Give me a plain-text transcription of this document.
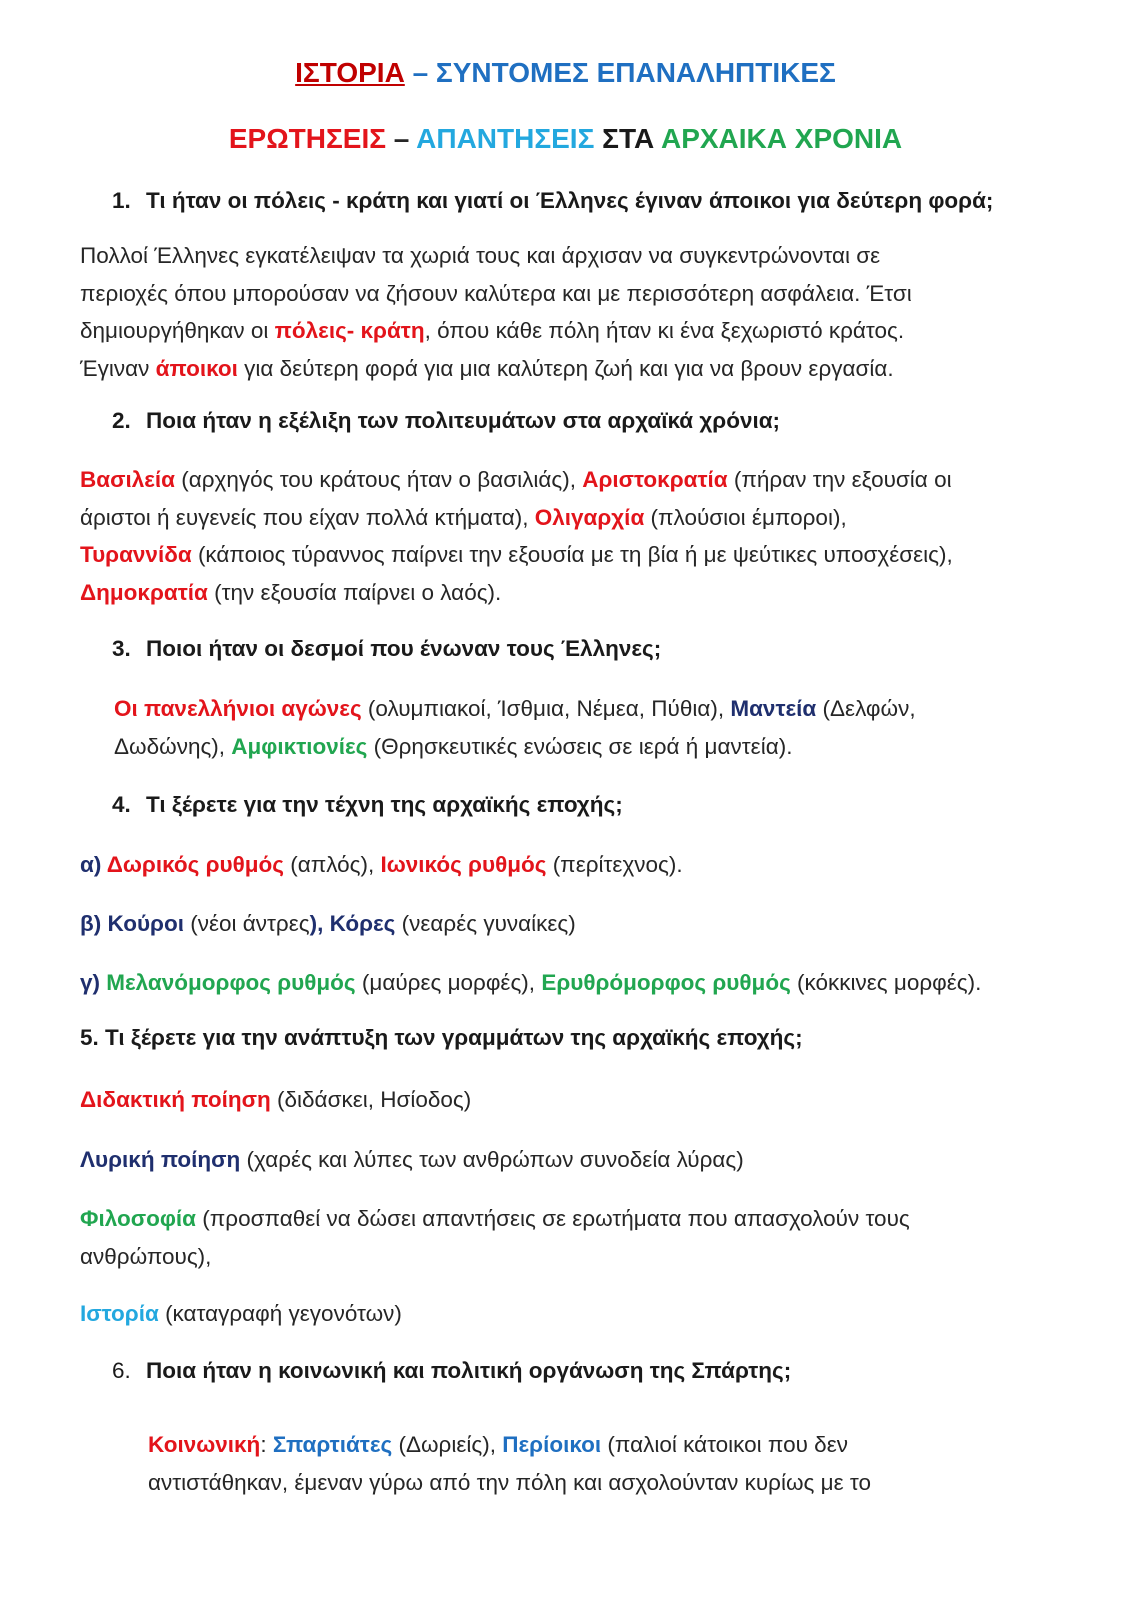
ΙΣΤΟΡΙΑ – ΣΥΝΤΟΜΕΣ ΕΠΑΝΑΛΗΠΤΙΚΕΣ
ΕΡΩΤΗΣΕΙΣ – ΑΠΑΝΤΗΣΕΙΣ ΣΤΑ ΑΡΧΑΙΚΑ ΧΡΟΝΙΑ
1. Τι ήταν οι πόλεις - κράτη και γιατί οι Έλληνες έγιναν άποικοι για δεύτερη φορά;
Πολλοί Έλληνες εγκατέλειψαν τα χωριά τους και άρχισαν να συγκεντρώνονται σε
περιοχές όπου μπορούσαν να ζήσουν καλύτερα και με περισσότερη ασφάλεια. Έτσι
δημιουργήθηκαν οι πόλεις- κράτη, όπου κάθε πόλη ήταν κι ένα ξεχωριστό κράτος.
Έγιναν άποικοι για δεύτερη φορά για μια καλύτερη ζωή και για να βρουν εργασία.
2. Ποια ήταν η εξέλιξη των πολιτευμάτων στα αρχαϊκά χρόνια;
Βασιλεία (αρχηγός του κράτους ήταν ο βασιλιάς), Αριστοκρατία (πήραν την εξουσία οι
άριστοι ή ευγενείς που είχαν πολλά κτήματα), Ολιγαρχία (πλούσιοι έμποροι),
Τυραννίδα (κάποιος τύραννος παίρνει την εξουσία με τη βία ή με ψεύτικες υποσχέσεις),
Δημοκρατία (την εξουσία παίρνει ο λαός).
3. Ποιοι ήταν οι δεσμοί που ένωναν τους Έλληνες;
Οι πανελλήνιοι αγώνες (ολυμπιακοί, Ίσθμια, Νέμεα, Πύθια), Μαντεία (Δελφών,
Δωδώνης), Αμφικτιονίες (Θρησκευτικές ενώσεις σε ιερά ή μαντεία).
4. Τι ξέρετε για την τέχνη της αρχαϊκής εποχής;
α) Δωρικός ρυθμός (απλός), Ιωνικός ρυθμός (περίτεχνος).
β) Κούροι (νέοι άντρες), Κόρες (νεαρές γυναίκες)
γ) Μελανόμορφος ρυθμός (μαύρες μορφές), Ερυθρόμορφος ρυθμός (κόκκινες μορφές).
5. Τι ξέρετε για την ανάπτυξη των γραμμάτων της αρχαϊκής εποχής;
Διδακτική ποίηση (διδάσκει, Ησίοδος)
Λυρική ποίηση (χαρές και λύπες των ανθρώπων συνοδεία λύρας)
Φιλοσοφία (προσπαθεί να δώσει απαντήσεις σε ερωτήματα που απασχολούν τους
ανθρώπους),
Ιστορία (καταγραφή γεγονότων)
6. Ποια ήταν η κοινωνική και πολιτική οργάνωση της Σπάρτης;
Κοινωνική: Σπαρτιάτες (Δωριείς), Περίοικοι (παλιοί κάτοικοι που δεν
αντιστάθηκαν, έμεναν γύρω από την πόλη και ασχολούνταν κυρίως με το
